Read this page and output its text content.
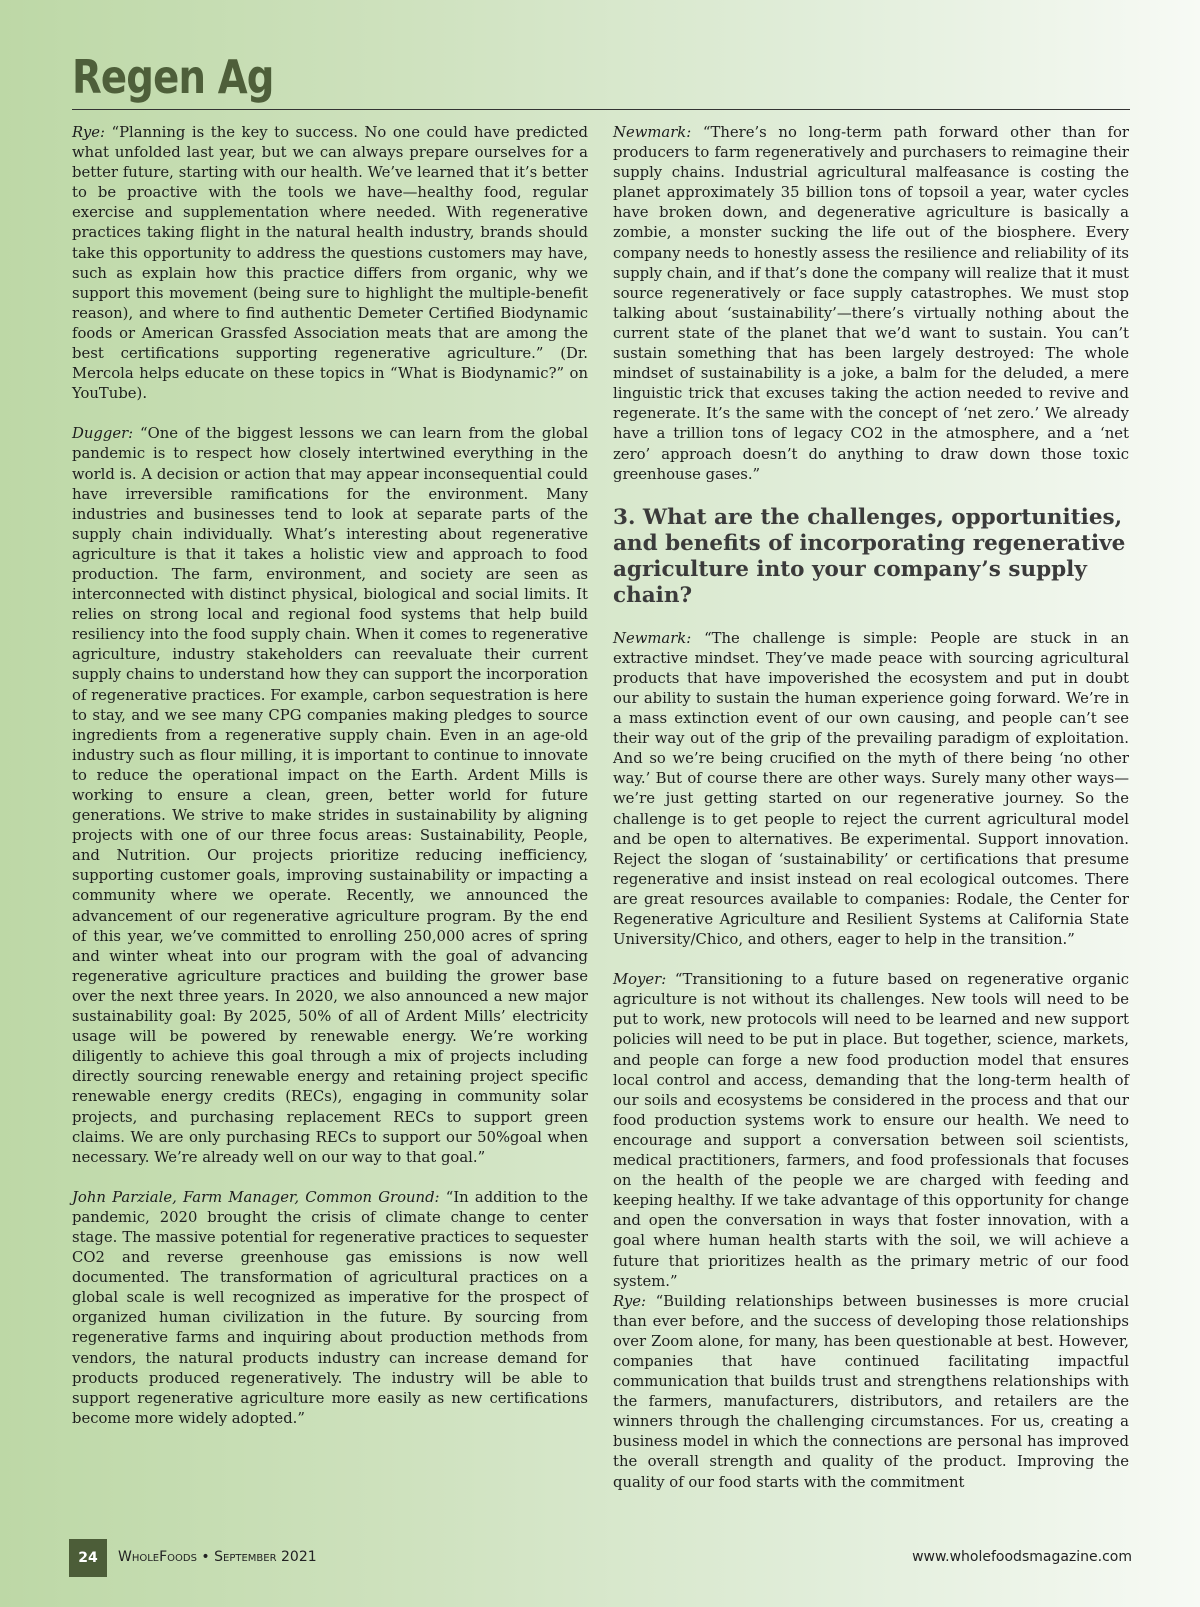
Regen Ag

Rye: “Planning is the key to success. No one could have predicted what unfolded last year, but we can always prepare ourselves for a better future, starting with our health. We’ve learned that it’s better to be proactive with the tools we have—healthy food, regular exercise and supplementation where needed. With regenerative practices taking flight in the natural health industry, brands should take this opportunity to address the questions customers may have, such as explain how this practice differs from organic, why we support this movement (being sure to highlight the multiple-benefit reason), and where to find authentic Demeter Certified Biodynamic foods or American Grassfed Association meats that are among the best certifications supporting regenerative agriculture.” (Dr. Mercola helps educate on these topics in “What is Biodynamic?” on YouTube).

Dugger: “One of the biggest lessons we can learn from the global pandemic is to respect how closely intertwined everything in the world is. A decision or action that may appear inconsequential could have irreversible ramifications for the environment. Many industries and businesses tend to look at separate parts of the supply chain individually. What’s interesting about regenerative agriculture is that it takes a holistic view and approach to food production. The farm, environment, and society are seen as interconnected with distinct physical, biological and social limits. It relies on strong local and regional food systems that help build resiliency into the food supply chain. When it comes to regenerative agriculture, industry stakeholders can reevaluate their current supply chains to understand how they can support the incorporation of regenerative practices. For example, carbon sequestration is here to stay, and we see many CPG companies making pledges to source ingredients from a regenerative supply chain. Even in an age-old industry such as flour milling, it is important to continue to innovate to reduce the operational impact on the Earth. Ardent Mills is working to ensure a clean, green, better world for future generations. We strive to make strides in sustainability by aligning projects with one of our three focus areas: Sustainability, People, and Nutrition. Our projects prioritize reducing inefficiency, supporting customer goals, improving sustainability or impacting a community where we operate. Recently, we announced the advancement of our regenerative agriculture program. By the end of this year, we’ve committed to enrolling 250,000 acres of spring and winter wheat into our program with the goal of advancing regenerative agriculture practices and building the grower base over the next three years. In 2020, we also announced a new major sustainability goal: By 2025, 50% of all of Ardent Mills’ electricity usage will be powered by renewable energy. We’re working diligently to achieve this goal through a mix of projects including directly sourcing renewable energy and retaining project specific renewable energy credits (RECs), engaging in community solar projects, and purchasing replacement RECs to support green claims. We are only purchasing RECs to support our 50%goal when necessary. We’re already well on our way to that goal.”

John Parziale, Farm Manager, Common Ground: “In addition to the pandemic, 2020 brought the crisis of climate change to center stage. The massive potential for regenerative practices to sequester CO2 and reverse greenhouse gas emissions is now well documented. The transformation of agricultural practices on a global scale is well recognized as imperative for the prospect of organized human civilization in the future. By sourcing from regenerative farms and inquiring about production methods from vendors, the natural products industry can increase demand for products produced regeneratively. The industry will be able to support regenerative agriculture more easily as new certifications become more widely adopted.”

Newmark: “There’s no long-term path forward other than for producers to farm regeneratively and purchasers to reimagine their supply chains. Industrial agricultural malfeasance is costing the planet approximately 35 billion tons of topsoil a year, water cycles have broken down, and degenerative agriculture is basically a zombie, a monster sucking the life out of the biosphere. Every company needs to honestly assess the resilience and reliability of its supply chain, and if that’s done the company will realize that it must source regeneratively or face supply catastrophes. We must stop talking about ‘sustainability’—there’s virtually nothing about the current state of the planet that we’d want to sustain. You can’t sustain something that has been largely destroyed: The whole mindset of sustainability is a joke, a balm for the deluded, a mere linguistic trick that excuses taking the action needed to revive and regenerate. It’s the same with the concept of ‘net zero.’ We already have a trillion tons of legacy CO2 in the atmosphere, and a ‘net zero’ approach doesn’t do anything to draw down those toxic greenhouse gases.”

3. What are the challenges, opportunities, and benefits of incorporating regenerative agriculture into your company’s supply chain?

Newmark: “The challenge is simple: People are stuck in an extractive mindset. They’ve made peace with sourcing agricultural products that have impoverished the ecosystem and put in doubt our ability to sustain the human experience going forward. We’re in a mass extinction event of our own causing, and people can’t see their way out of the grip of the prevailing paradigm of exploitation. And so we’re being crucified on the myth of there being ‘no other way.’ But of course there are other ways. Surely many other ways—we’re just getting started on our regenerative journey. So the challenge is to get people to reject the current agricultural model and be open to alternatives. Be experimental. Support innovation. Reject the slogan of ‘sustainability’ or certifications that presume regenerative and insist instead on real ecological outcomes. There are great resources available to companies: Rodale, the Center for Regenerative Agriculture and Resilient Systems at California State University/Chico, and others, eager to help in the transition.”

Moyer: “Transitioning to a future based on regenerative organic agriculture is not without its challenges. New tools will need to be put to work, new protocols will need to be learned and new support policies will need to be put in place. But together, science, markets, and people can forge a new food production model that ensures local control and access, demanding that the long-term health of our soils and ecosystems be considered in the process and that our food production systems work to ensure our health. We need to encourage and support a conversation between soil scientists, medical practitioners, farmers, and food professionals that focuses on the health of the people we are charged with feeding and keeping healthy. If we take advantage of this opportunity for change and open the conversation in ways that foster innovation, with a goal where human health starts with the soil, we will achieve a future that prioritizes health as the primary metric of our food system.”

Rye: “Building relationships between businesses is more crucial than ever before, and the success of developing those relationships over Zoom alone, for many, has been questionable at best. However, companies that have continued facilitating impactful communication that builds trust and strengthens relationships with the farmers, manufacturers, distributors, and retailers are the winners through the challenging circumstances. For us, creating a business model in which the connections are personal has improved the overall strength and quality of the product. Improving the quality of our food starts with the commitment

24	WholeFoods • September 2021	www.wholefoodsmagazine.com
